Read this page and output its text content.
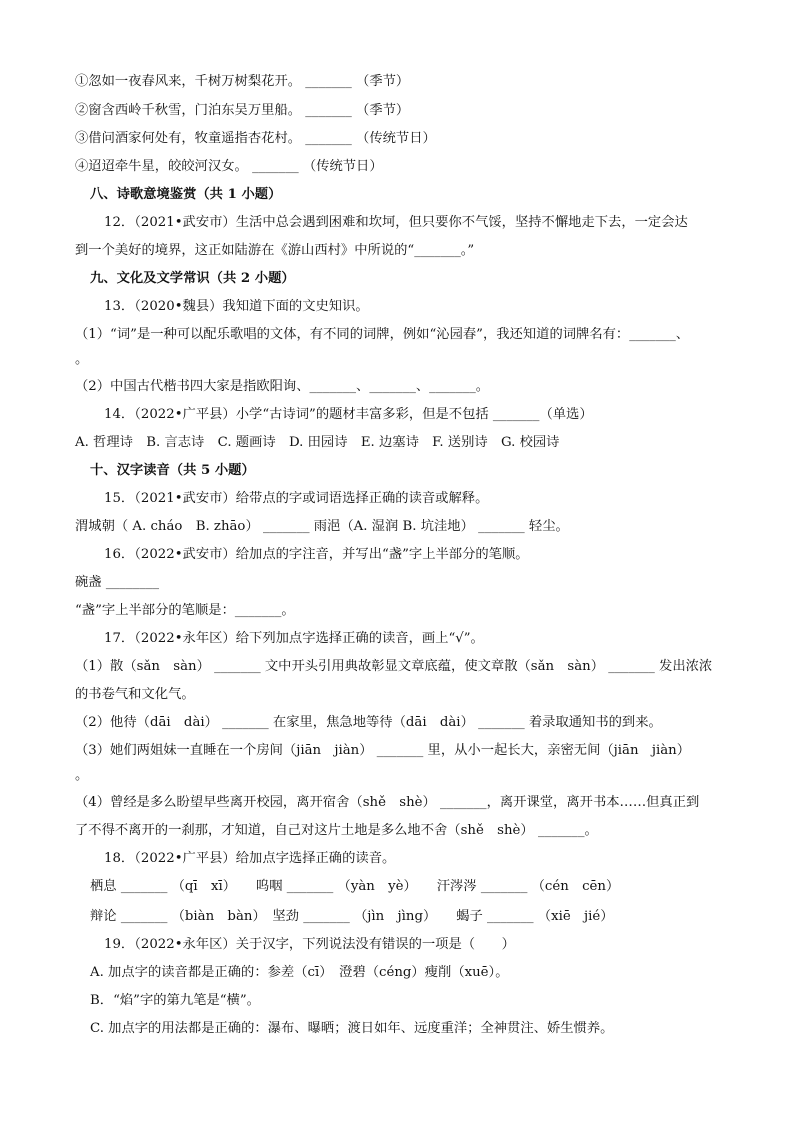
①忽如一夜春风来，千树万树梨花开。 _______ （季节）
②窗含西岭千秋雪，门泊东吴万里船。 _______ （季节）
③借问酒家何处有，牧童遥指杏花村。 _______ （传统节日）
④迢迢牵牛星，皎皎河汉女。 _______ （传统节日）
八、诗歌意境鉴赏（共 1 小题）
12．（2021•武安市）生活中总会遇到困难和坎坷，但只要你不气馁，坚持不懈地走下去，一定会达
到一个美好的境界，这正如陆游在《游山西村》中所说的“_______。”
九、文化及文学常识（共 2 小题）
13．（2020•魏县）我知道下面的文史知识。
（1）“词”是一种可以配乐歌唱的文体，有不同的词牌，例如“沁园春”，我还知道的词牌名有：_______、
。
（2）中国古代楷书四大家是指欧阳询、_______、_______、_______。
14．（2022•广平县）小学“古诗词”的题材丰富多彩，但是不包括 _______（单选）
A. 哲理诗　B. 言志诗　C. 题画诗　D. 田园诗　E. 边塞诗　F. 送别诗　G. 校园诗
十、汉字读音（共 5 小题）
15．（2021•武安市）给带点的字或词语选择正确的读音或解释。
渭城朝（ A. cháo　B. zhāo） _______ 雨浥（A. 湿润 B. 坑洼地） _______ 轻尘。
16．（2022•武安市）给加点的字注音，并写出“盏”字上半部分的笔顺。
碗盏 ________
“盏”字上半部分的笔顺是：_______。
17．（2022•永年区）给下列加点字选择正确的读音，画上“√”。
（1）散（sǎn　sàn） _______ 文中开头引用典故彰显文章底蕴，使文章散（sǎn　sàn） _______ 发出浓浓
的书卷气和文化气。
（2）他待（dāi　dài） _______ 在家里，焦急地等待（dāi　dài） _______ 着录取通知书的到来。
（3）她们两姐妹一直睡在一个房间（jiān　jiàn） _______ 里，从小一起长大，亲密无间（jiān　jiàn）
。
（4）曾经是多么盼望早些离开校园，离开宿舍（shě　shè） _______，离开课堂，离开书本……但真正到
了不得不离开的一刹那，才知道，自己对这片土地是多么地不舍（shě　shè） _______。
18．（2022•广平县）给加点字选择正确的读音。
栖息 _______ （qī　xī）　　呜咽 _______ （yàn　yè）　　汗涔涔 _______ （cén　cēn）
辩论 _______ （biàn　bàn）　坚劲 _______ （jìn　jìng）　　蝎子 _______ （xiē　jié）
19．（2022•永年区）关于汉字，下列说法没有错误的一项是（　　）
A. 加点字的读音都是正确的：参差（cī）　澄碧（céng）瘦削（xuē）。
B．“焰”字的第九笔是“横”。
C. 加点字的用法都是正确的：瀑布、曝晒；渡日如年、远度重洋；全神贯注、娇生惯养。
